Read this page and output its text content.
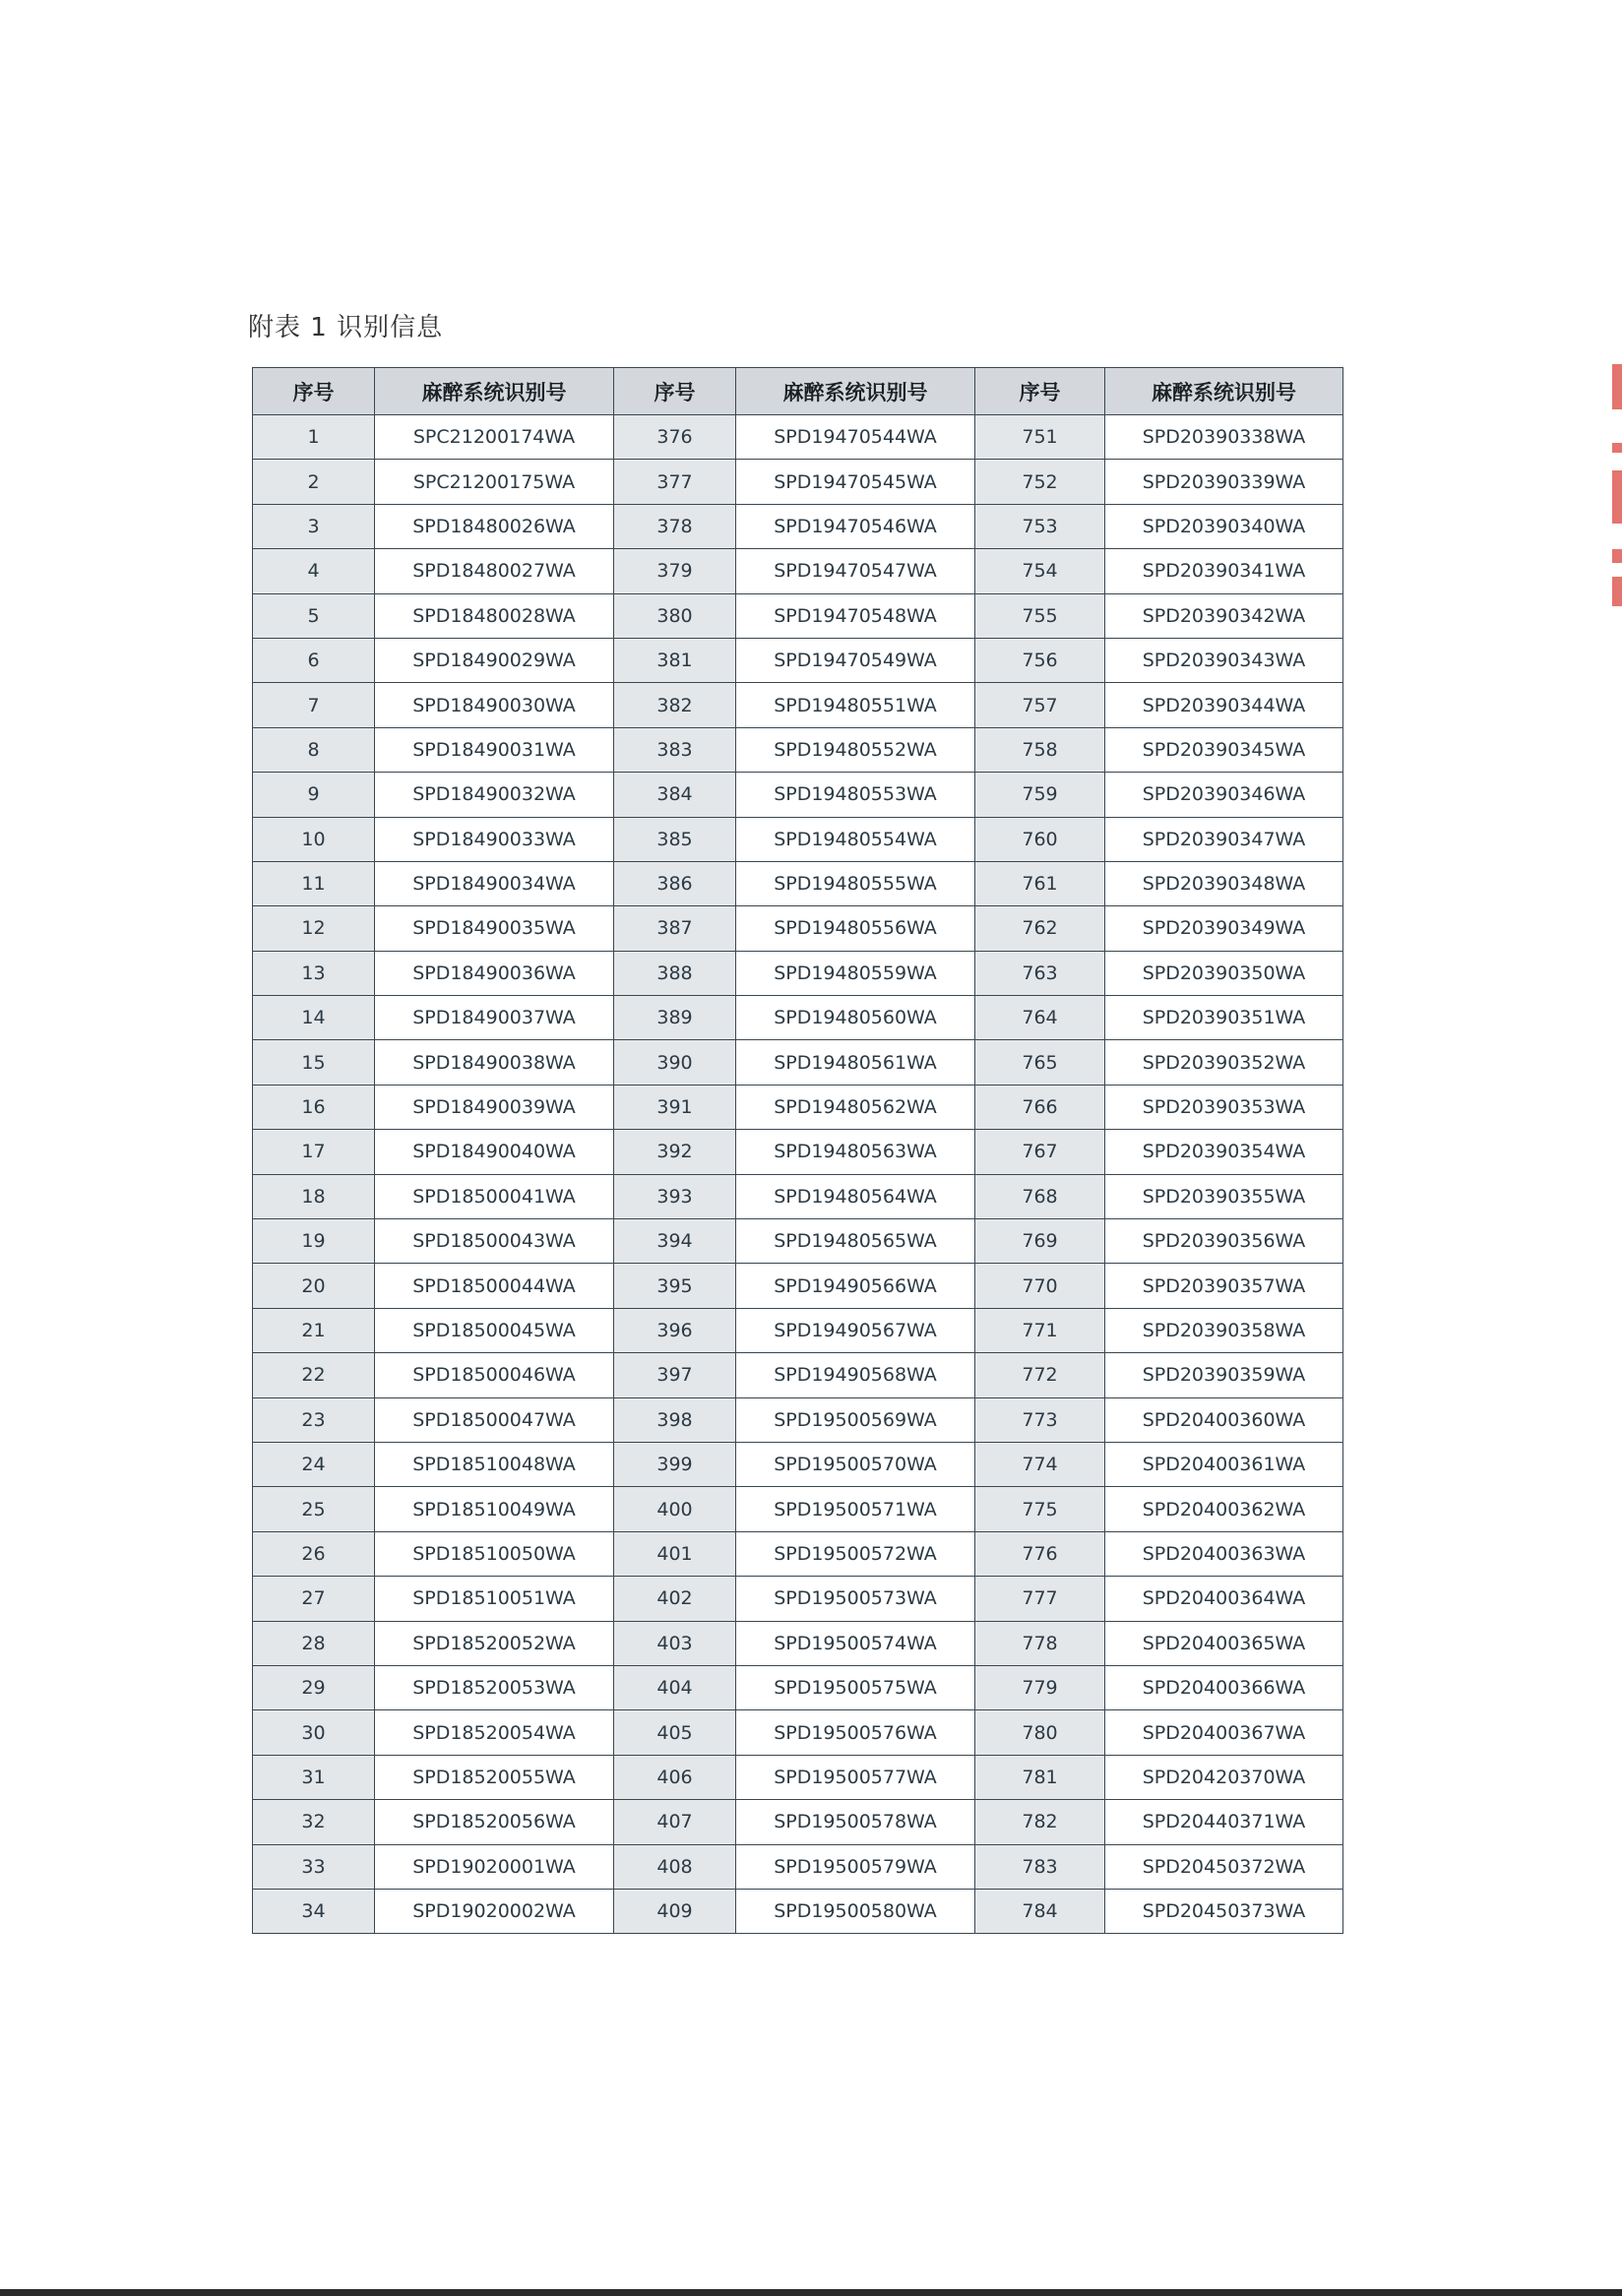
附表 1 识别信息
序号	麻醉系统识别号	序号	麻醉系统识别号	序号	麻醉系统识别号
1	SPC21200174WA	376	SPD19470544WA	751	SPD20390338WA
2	SPC21200175WA	377	SPD19470545WA	752	SPD20390339WA
3	SPD18480026WA	378	SPD19470546WA	753	SPD20390340WA
4	SPD18480027WA	379	SPD19470547WA	754	SPD20390341WA
5	SPD18480028WA	380	SPD19470548WA	755	SPD20390342WA
6	SPD18490029WA	381	SPD19470549WA	756	SPD20390343WA
7	SPD18490030WA	382	SPD19480551WA	757	SPD20390344WA
8	SPD18490031WA	383	SPD19480552WA	758	SPD20390345WA
9	SPD18490032WA	384	SPD19480553WA	759	SPD20390346WA
10	SPD18490033WA	385	SPD19480554WA	760	SPD20390347WA
11	SPD18490034WA	386	SPD19480555WA	761	SPD20390348WA
12	SPD18490035WA	387	SPD19480556WA	762	SPD20390349WA
13	SPD18490036WA	388	SPD19480559WA	763	SPD20390350WA
14	SPD18490037WA	389	SPD19480560WA	764	SPD20390351WA
15	SPD18490038WA	390	SPD19480561WA	765	SPD20390352WA
16	SPD18490039WA	391	SPD19480562WA	766	SPD20390353WA
17	SPD18490040WA	392	SPD19480563WA	767	SPD20390354WA
18	SPD18500041WA	393	SPD19480564WA	768	SPD20390355WA
19	SPD18500043WA	394	SPD19480565WA	769	SPD20390356WA
20	SPD18500044WA	395	SPD19490566WA	770	SPD20390357WA
21	SPD18500045WA	396	SPD19490567WA	771	SPD20390358WA
22	SPD18500046WA	397	SPD19490568WA	772	SPD20390359WA
23	SPD18500047WA	398	SPD19500569WA	773	SPD20400360WA
24	SPD18510048WA	399	SPD19500570WA	774	SPD20400361WA
25	SPD18510049WA	400	SPD19500571WA	775	SPD20400362WA
26	SPD18510050WA	401	SPD19500572WA	776	SPD20400363WA
27	SPD18510051WA	402	SPD19500573WA	777	SPD20400364WA
28	SPD18520052WA	403	SPD19500574WA	778	SPD20400365WA
29	SPD18520053WA	404	SPD19500575WA	779	SPD20400366WA
30	SPD18520054WA	405	SPD19500576WA	780	SPD20400367WA
31	SPD18520055WA	406	SPD19500577WA	781	SPD20420370WA
32	SPD18520056WA	407	SPD19500578WA	782	SPD20440371WA
33	SPD19020001WA	408	SPD19500579WA	783	SPD20450372WA
34	SPD19020002WA	409	SPD19500580WA	784	SPD20450373WA
